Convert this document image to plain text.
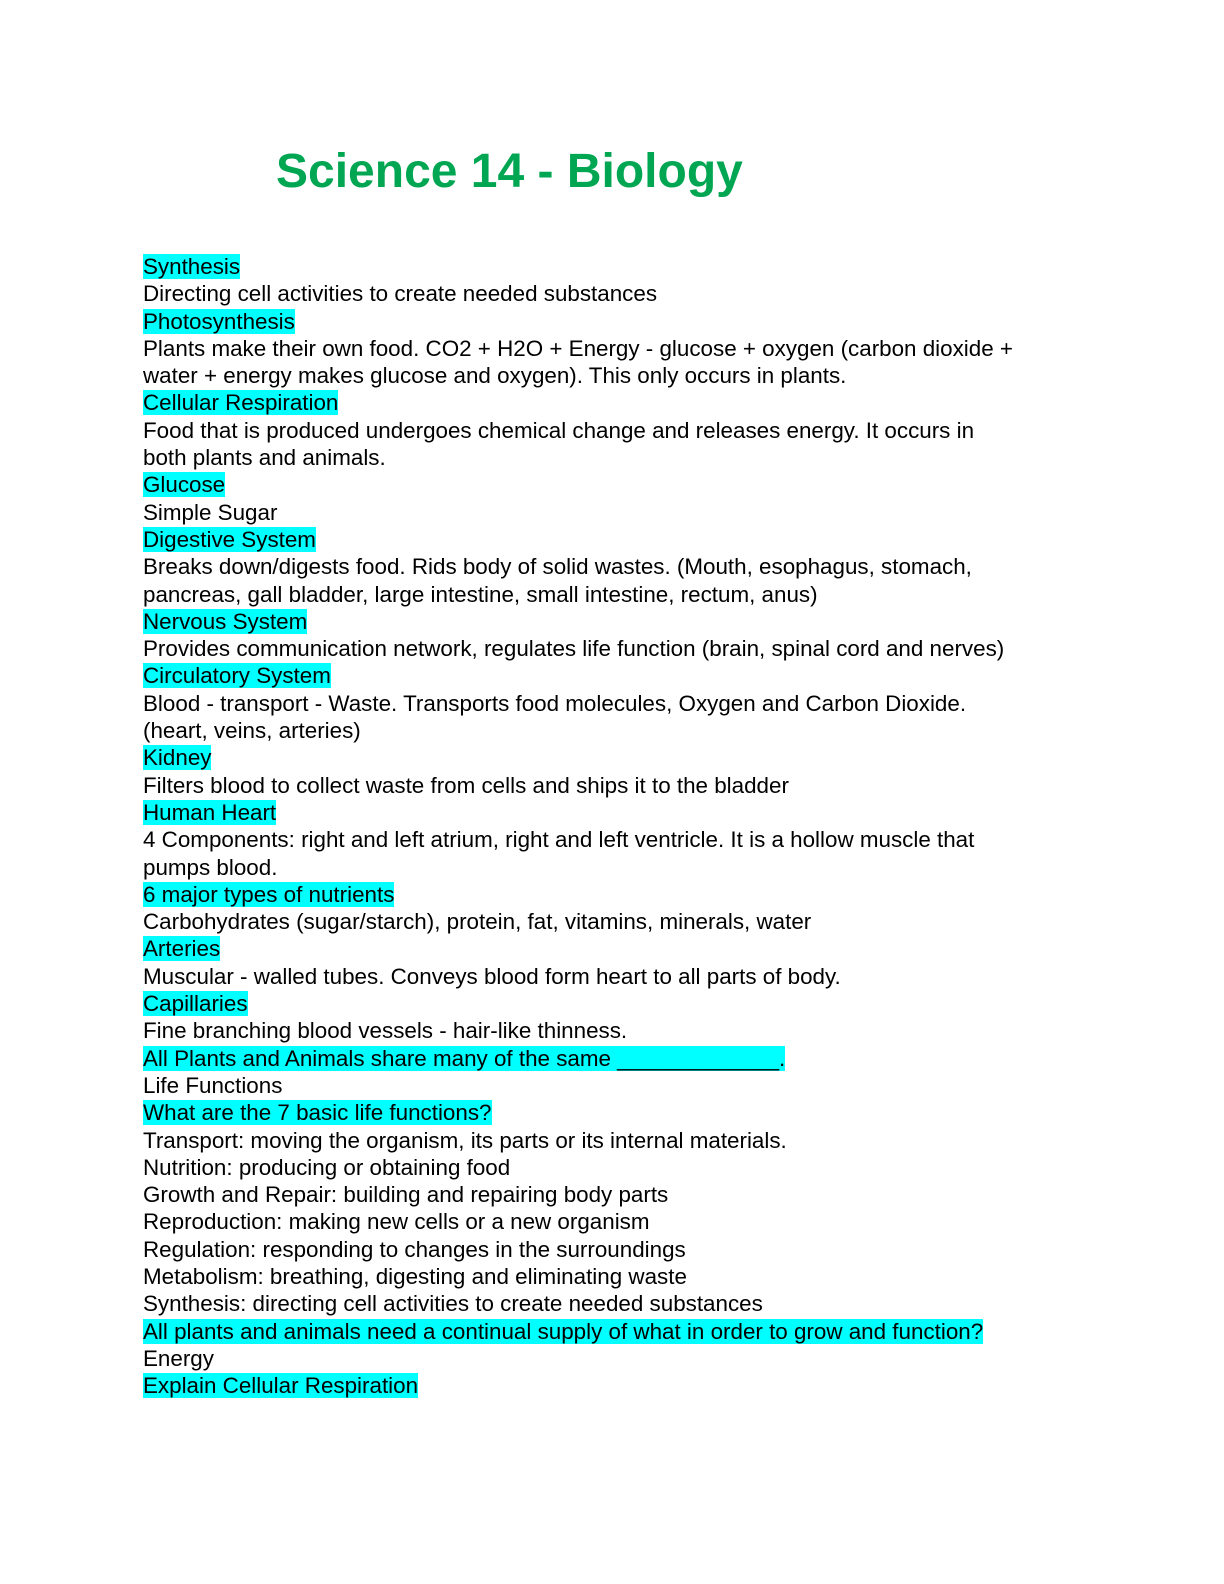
Science 14 - Biology
Synthesis
Directing cell activities to create needed substances
Photosynthesis
Plants make their own food. CO2 + H2O + Energy - glucose + oxygen (carbon dioxide +
water + energy makes glucose and oxygen). This only occurs in plants.
Cellular Respiration
Food that is produced undergoes chemical change and releases energy. It occurs in
both plants and animals.
Glucose
Simple Sugar
Digestive System
Breaks down/digests food. Rids body of solid wastes. (Mouth, esophagus, stomach,
pancreas, gall bladder, large intestine, small intestine, rectum, anus)
Nervous System
Provides communication network, regulates life function (brain, spinal cord and nerves)
Circulatory System
Blood - transport - Waste. Transports food molecules, Oxygen and Carbon Dioxide.
(heart, veins, arteries)
Kidney
Filters blood to collect waste from cells and ships it to the bladder
Human Heart
4 Components: right and left atrium, right and left ventricle. It is a hollow muscle that
pumps blood.
6 major types of nutrients
Carbohydrates (sugar/starch), protein, fat, vitamins, minerals, water
Arteries
Muscular - walled tubes. Conveys blood form heart to all parts of body.
Capillaries
Fine branching blood vessels - hair-like thinness.
All Plants and Animals share many of the same _____________.
Life Functions
What are the 7 basic life functions?
Transport: moving the organism, its parts or its internal materials.
Nutrition: producing or obtaining food
Growth and Repair: building and repairing body parts
Reproduction: making new cells or a new organism
Regulation: responding to changes in the surroundings
Metabolism: breathing, digesting and eliminating waste
Synthesis: directing cell activities to create needed substances
All plants and animals need a continual supply of what in order to grow and function?
Energy
Explain Cellular Respiration
